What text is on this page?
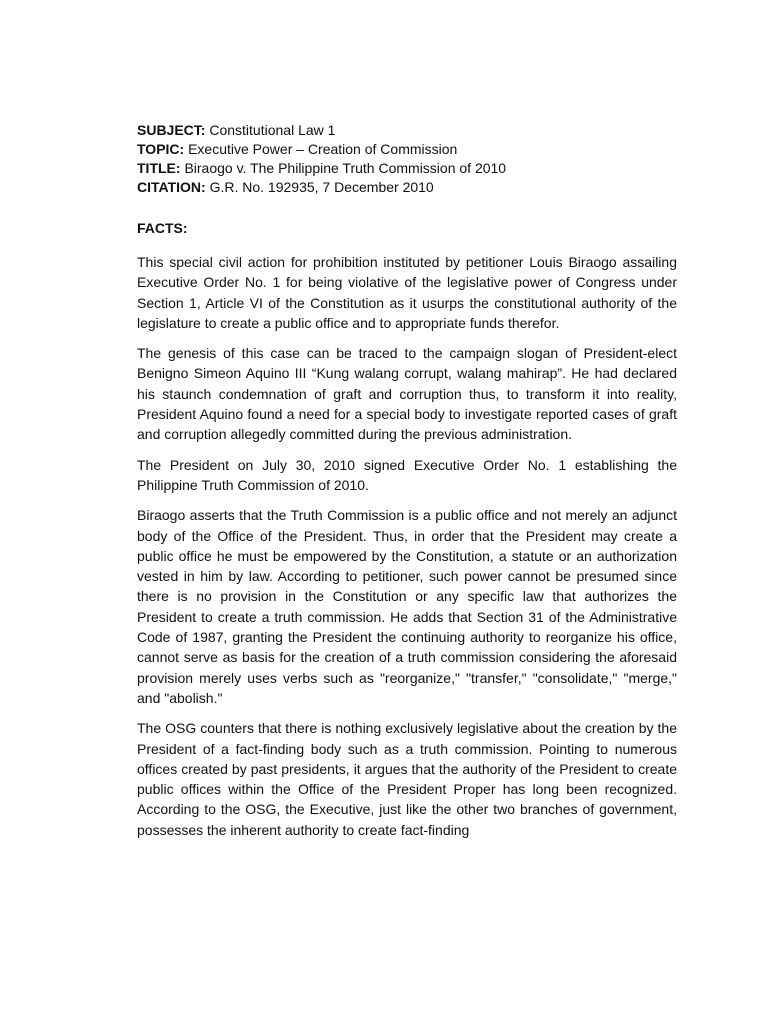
SUBJECT: Constitutional Law 1
TOPIC: Executive Power – Creation of Commission
TITLE: Biraogo v. The Philippine Truth Commission of 2010
CITATION: G.R. No. 192935, 7 December 2010
FACTS:

This special civil action for prohibition instituted by petitioner Louis Biraogo assailing Executive Order No. 1 for being violative of the legislative power of Congress under Section 1, Article VI of the Constitution as it usurps the constitutional authority of the legislature to create a public office and to appropriate funds therefor.

The genesis of this case can be traced to the campaign slogan of President-elect Benigno Simeon Aquino III “Kung walang corrupt, walang mahirap”. He had declared his staunch condemnation of graft and corruption thus, to transform it into reality, President Aquino found a need for a special body to investigate reported cases of graft and corruption allegedly committed during the previous administration.

The President on July 30, 2010 signed Executive Order No. 1 establishing the Philippine Truth Commission of 2010.

Biraogo asserts that the Truth Commission is a public office and not merely an adjunct body of the Office of the President. Thus, in order that the President may create a public office he must be empowered by the Constitution, a statute or an authorization vested in him by law. According to petitioner, such power cannot be presumed since there is no provision in the Constitution or any specific law that authorizes the President to create a truth commission. He adds that Section 31 of the Administrative Code of 1987, granting the President the continuing authority to reorganize his office, cannot serve as basis for the creation of a truth commission considering the aforesaid provision merely uses verbs such as "reorganize," "transfer," "consolidate," "merge," and "abolish."

The OSG counters that there is nothing exclusively legislative about the creation by the President of a fact-finding body such as a truth commission. Pointing to numerous offices created by past presidents, it argues that the authority of the President to create public offices within the Office of the President Proper has long been recognized. According to the OSG, the Executive, just like the other two branches of government, possesses the inherent authority to create fact-finding
